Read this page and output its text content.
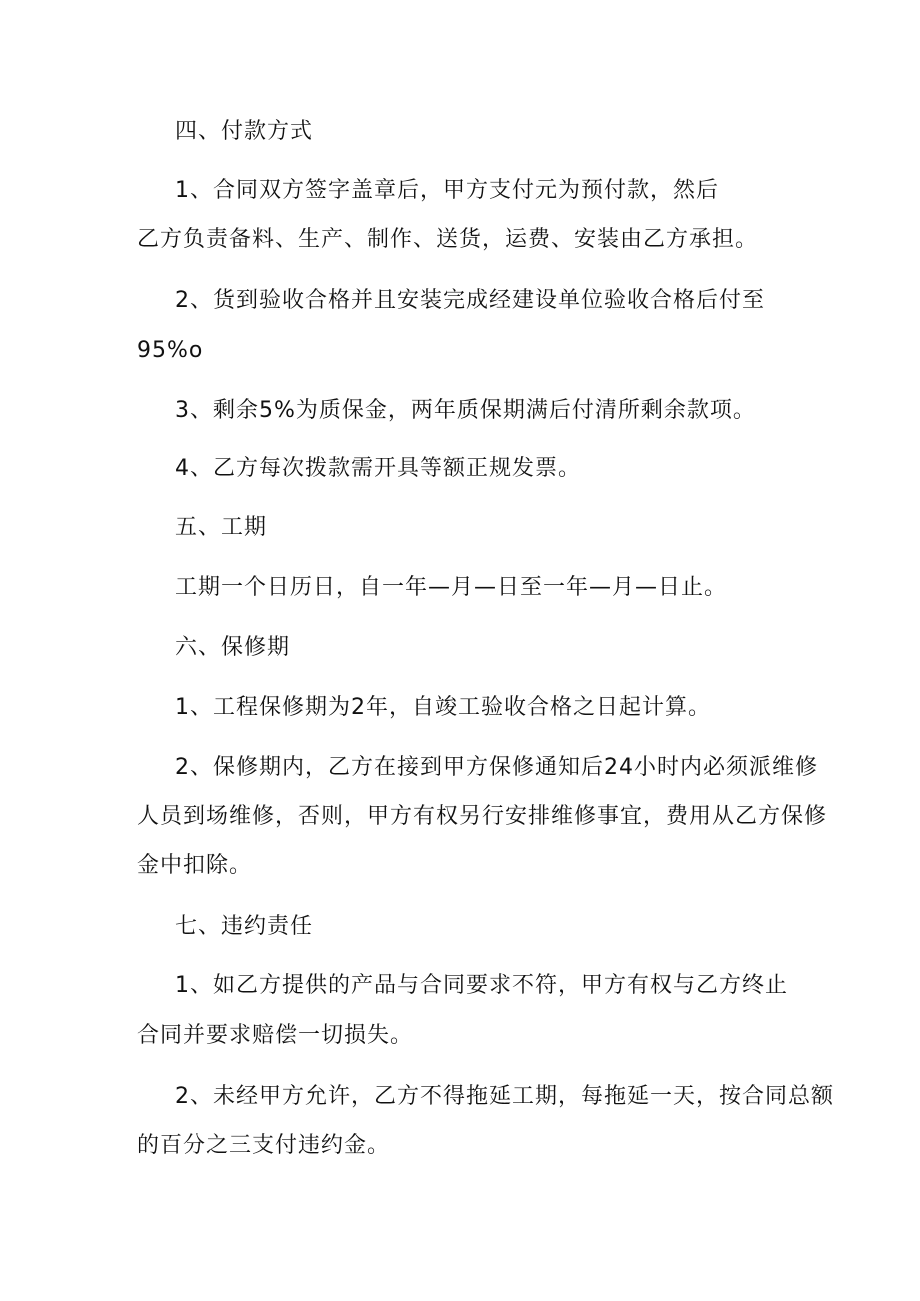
四、付款方式
1、合同双方签字盖章后，甲方支付元为预付款，然后
乙方负责备料、生产、制作、送货，运费、安装由乙方承担。
2、货到验收合格并且安装完成经建设单位验收合格后付至
95%o
3、剩余5%为质保金，两年质保期满后付清所剩余款项。
4、乙方每次拨款需开具等额正规发票。
五、工期
工期一个日历日，自一年—月—日至一年—月—日止。
六、保修期
1、工程保修期为2年，自竣工验收合格之日起计算。
2、保修期内，乙方在接到甲方保修通知后24小时内必须派维修
人员到场维修，否则，甲方有权另行安排维修事宜，费用从乙方保修
金中扣除。
七、违约责任
1、如乙方提供的产品与合同要求不符，甲方有权与乙方终止
合同并要求赔偿一切损失。
2、未经甲方允许，乙方不得拖延工期，每拖延一天，按合同总额
的百分之三支付违约金。
